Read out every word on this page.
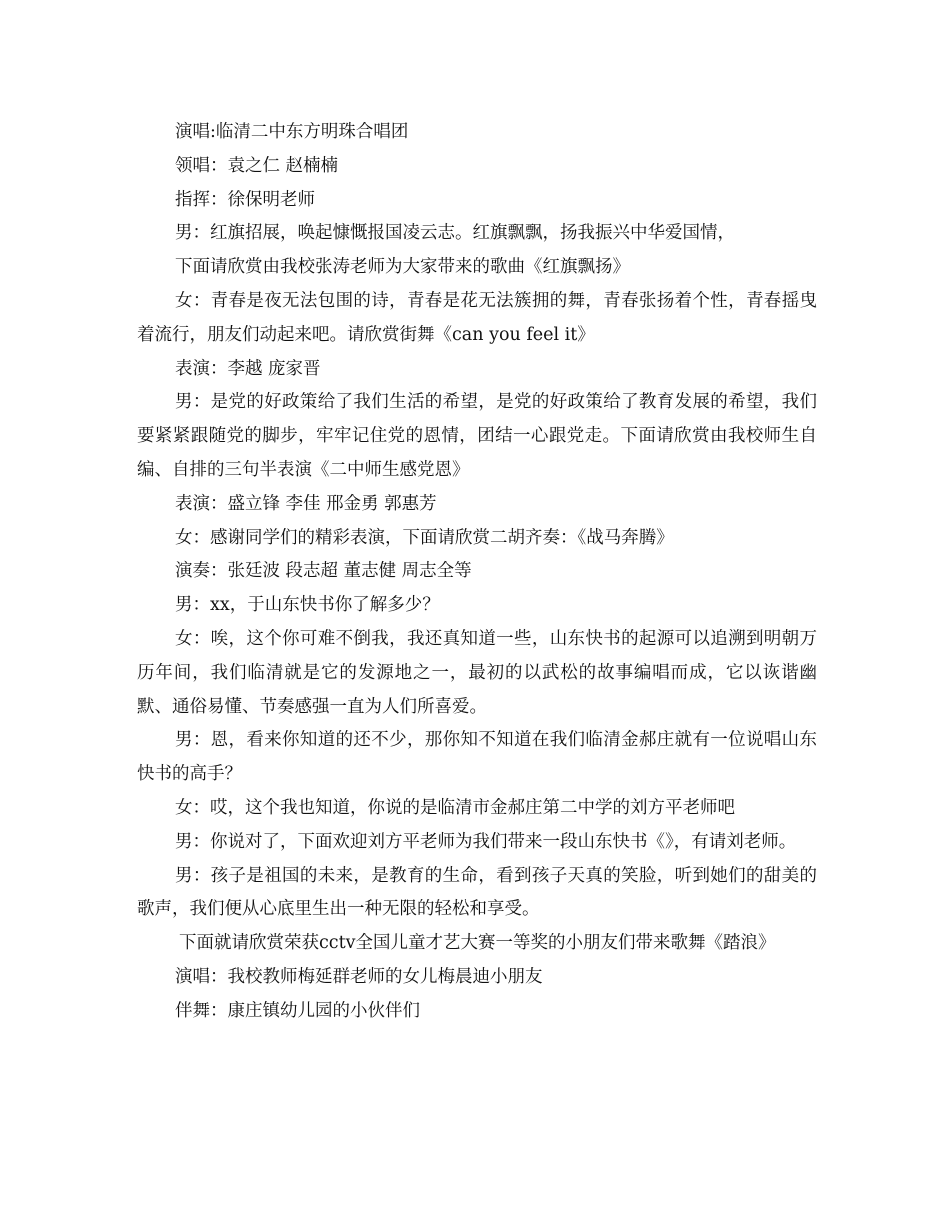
演唱:临清二中东方明珠合唱团

领唱：袁之仁 赵楠楠

指挥：徐保明老师

男：红旗招展，唤起慷慨报国凌云志。红旗飘飘，扬我振兴中华爱国情，

下面请欣赏由我校张涛老师为大家带来的歌曲《红旗飘扬》

女：青春是夜无法包围的诗，青春是花无法簇拥的舞，青春张扬着个性，青春摇曳着流行，朋友们动起来吧。请欣赏街舞《can you feel it》

表演：李越 庞家晋

男：是党的好政策给了我们生活的希望，是党的好政策给了教育发展的希望，我们要紧紧跟随党的脚步，牢牢记住党的恩情，团结一心跟党走。下面请欣赏由我校师生自编、自排的三句半表演《二中师生感党恩》

表演：盛立锋 李佳 邢金勇 郭惠芳

女：感谢同学们的精彩表演，下面请欣赏二胡齐奏：《战马奔腾》

演奏：张廷波 段志超 董志健 周志全等

男：xx，于山东快书你了解多少？

女：唉，这个你可难不倒我，我还真知道一些，山东快书的起源可以追溯到明朝万历年间，我们临清就是它的发源地之一，最初的以武松的故事编唱而成，它以诙谐幽默、通俗易懂、节奏感强一直为人们所喜爱。

男：恩，看来你知道的还不少，那你知不知道在我们临清金郝庄就有一位说唱山东快书的高手？

女：哎，这个我也知道，你说的是临清市金郝庄第二中学的刘方平老师吧

男：你说对了，下面欢迎刘方平老师为我们带来一段山东快书《》，有请刘老师。

男：孩子是祖国的未来，是教育的生命，看到孩子天真的笑脸，听到她们的甜美的歌声，我们便从心底里生出一种无限的轻松和享受。

下面就请欣赏荣获cctv全国儿童才艺大赛一等奖的小朋友们带来歌舞《踏浪》

演唱：我校教师梅延群老师的女儿梅晨迪小朋友

伴舞：康庄镇幼儿园的小伙伴们
